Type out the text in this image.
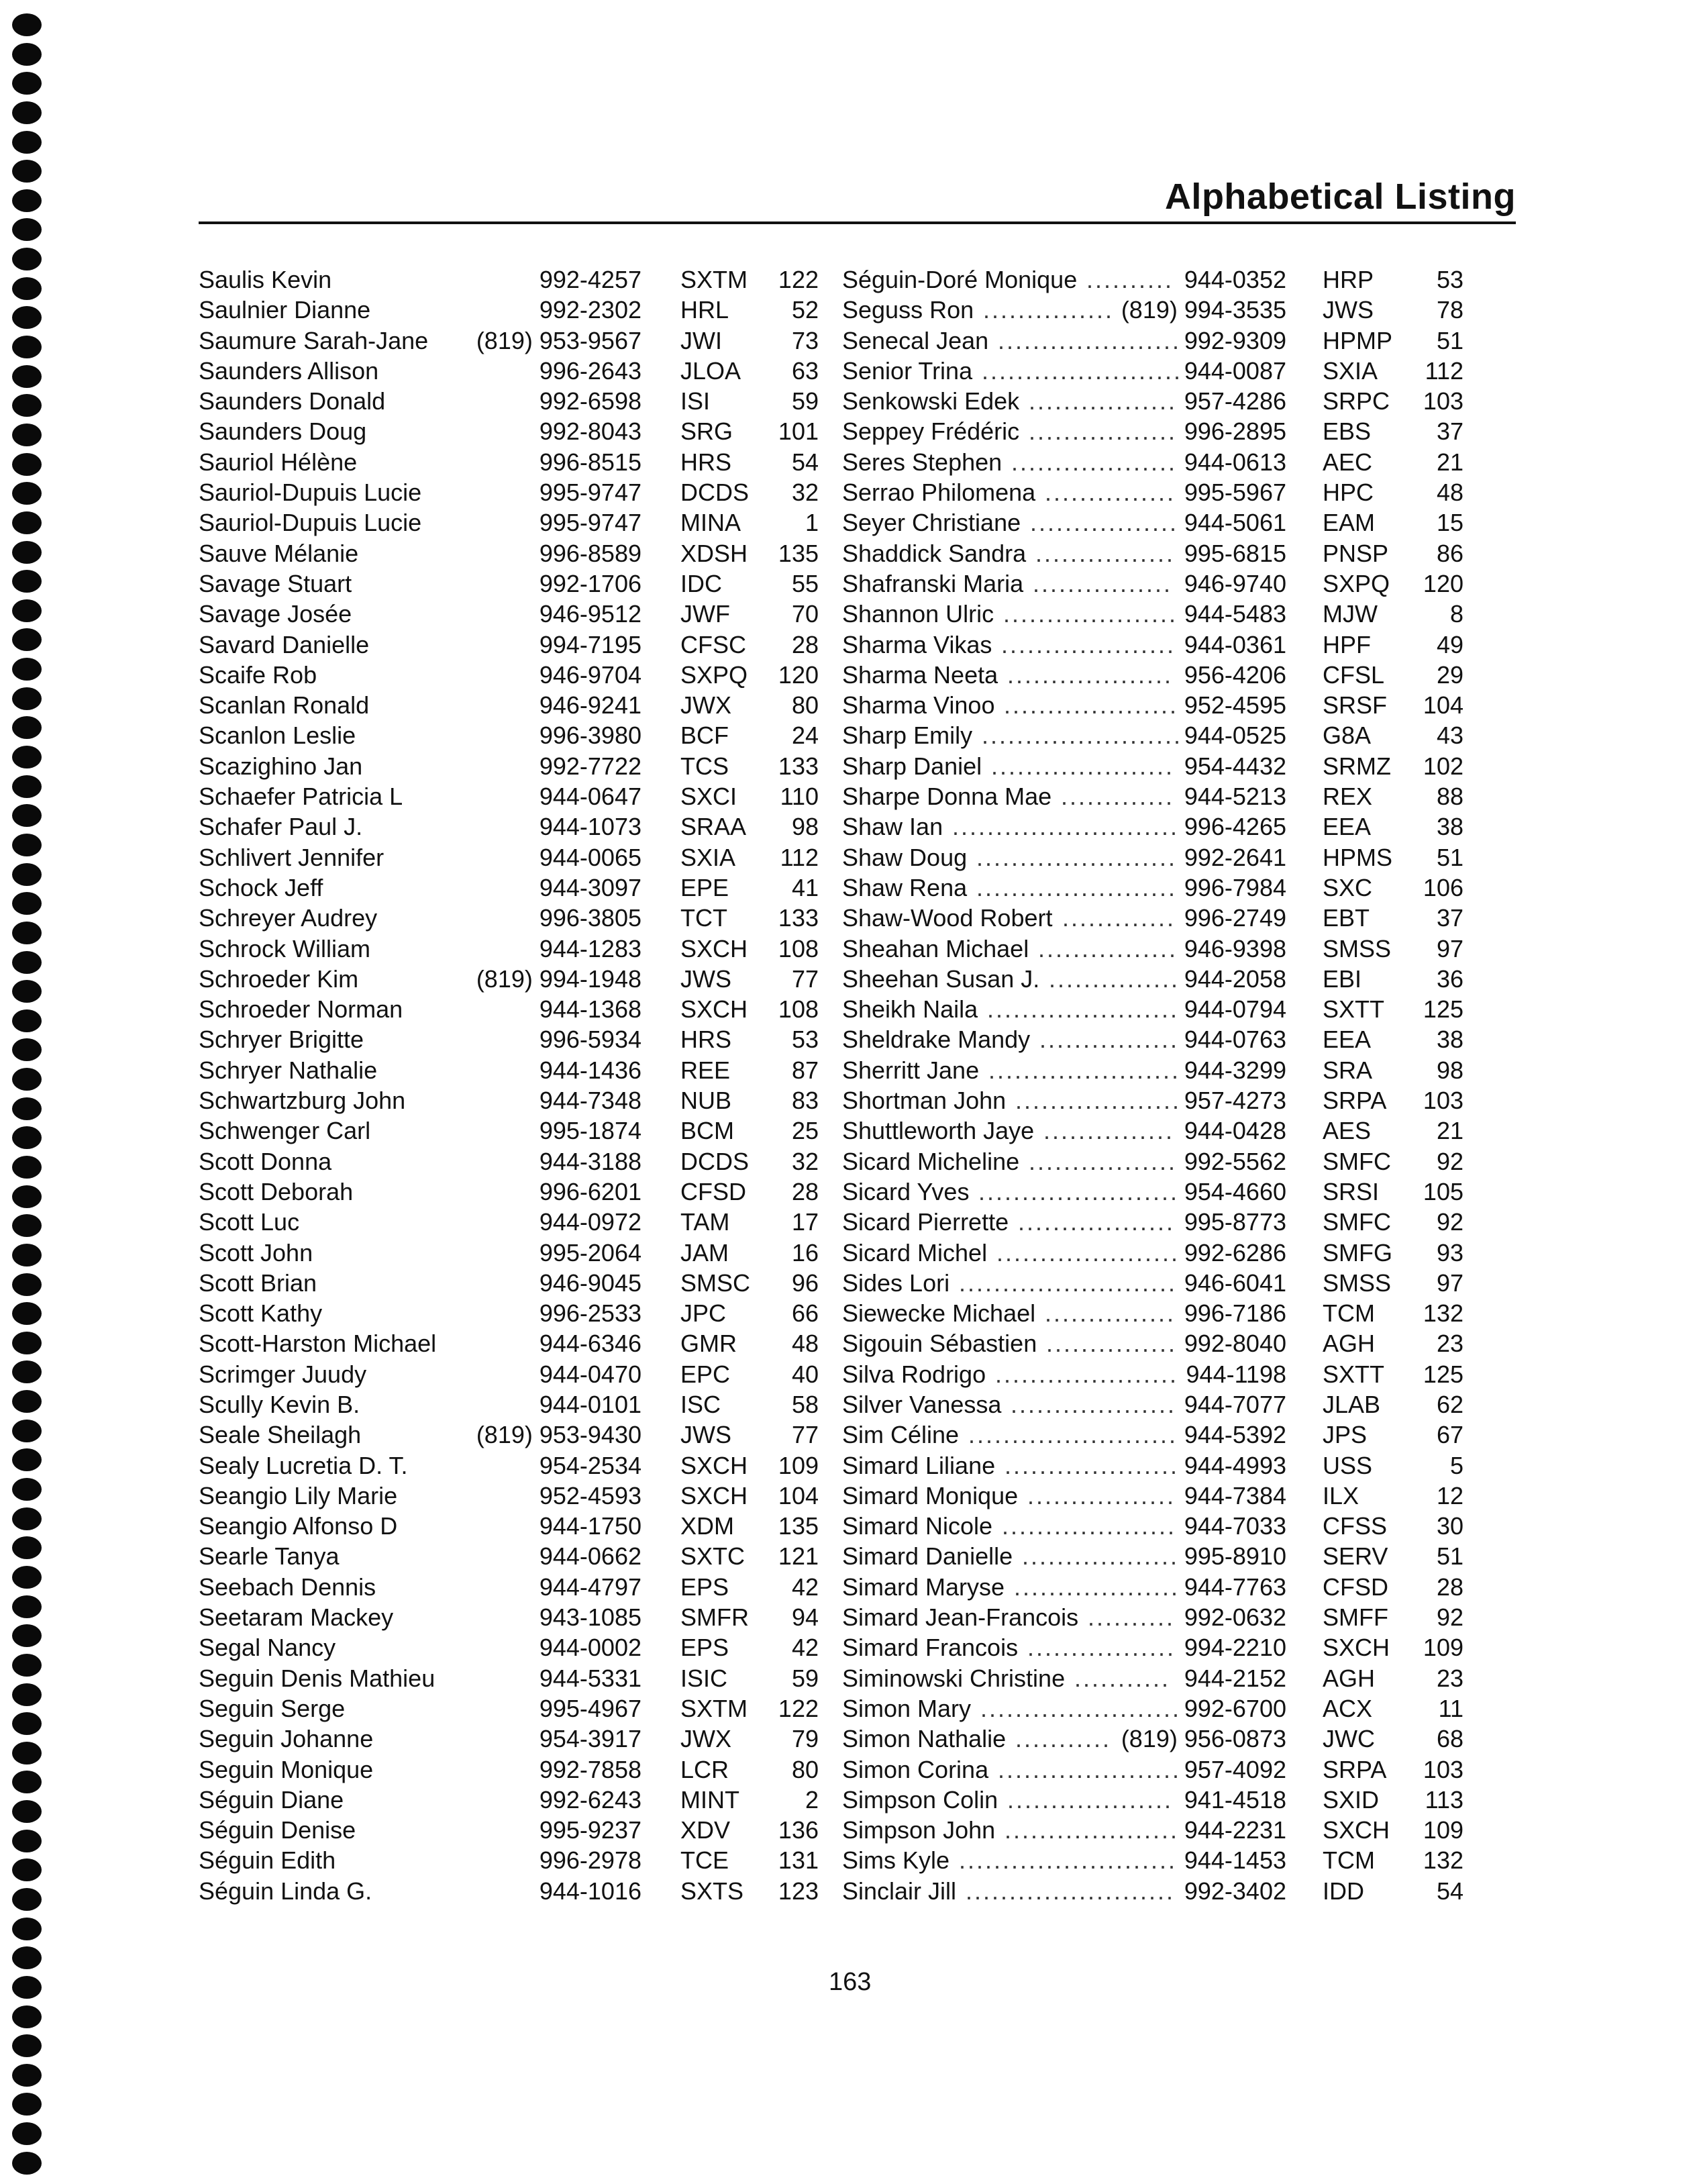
Alphabetical Listing
Saulis Kevin	992-4257 SXTM	122
Saulnier Dianne	992-2302 HRL	52
Saumure Sarah-Jane	(819) 953-9567 JWI	73
Saunders Allison	996-2643 JLOA	63
Saunders Donald	992-6598 ISI	59
Saunders Doug	992-8043 SRG	101
Sauriol Hélène	996-8515 HRS	54
Sauriol-Dupuis Lucie	995-9747 DCDS	32
Sauriol-Dupuis Lucie	995-9747 MINA	1
Sauve Mélanie	996-8589 XDSH	135
Savage Stuart	992-1706 IDC	55
Savage Josée	946-9512 JWF	70
Savard Danielle	994-7195 CFSC	28
Scaife Rob	946-9704 SXPQ	120
Scanlan Ronald	946-9241 JWX	80
Scanlon Leslie	996-3980 BCF	24
Scazighino Jan	992-7722 TCS	133
Schaefer Patricia L	944-0647 SXCI	110
Schafer Paul J.	944-1073 SRAA	98
Schlivert Jennifer	944-0065 SXIA	112
Schock Jeff	944-3097 EPE	41
Schreyer Audrey	996-3805 TCT	133
Schrock William	944-1283 SXCH	108
Schroeder Kim	(819) 994-1948 JWS	77
Schroeder Norman	944-1368 SXCH	108
Schryer Brigitte	996-5934 HRS	53
Schryer Nathalie	944-1436 REE	87
Schwartzburg John	944-7348 NUB	83
Schwenger Carl	995-1874 BCM	25
Scott Donna	944-3188 DCDS	32
Scott Deborah	996-6201 CFSD	28
Scott Luc	944-0972 TAM	17
Scott John	995-2064 JAM	16
Scott Brian	946-9045 SMSC	96
Scott Kathy	996-2533 JPC	66
Scott-Harston Michael	944-6346 GMR	48
Scrimger Juudy	944-0470 EPC	40
Scully Kevin B.	944-0101 ISC	58
Seale Sheilagh	(819) 953-9430 JWS	77
Sealy Lucretia D. T.	954-2534 SXCH	109
Seangio Lily Marie	952-4593 SXCH	104
Seangio Alfonso D	944-1750 XDM	135
Searle Tanya	944-0662 SXTC	121
Seebach Dennis	944-4797 EPS	42
Seetaram Mackey	943-1085 SMFR	94
Segal Nancy	944-0002 EPS	42
Seguin Denis Mathieu	944-5331 ISIC	59
Seguin Serge	995-4967 SXTM	122
Seguin Johanne	954-3917 JWX	79
Seguin Monique	992-7858 LCR	80
Séguin Diane	992-6243 MINT	2
Séguin Denise	995-9237 XDV	136
Séguin Edith	996-2978 TCE	131
Séguin Linda G.	944-1016 SXTS	123
Séguin-Doré Monique .......... 944-0352 HRP	53
Seguss Ron ............... (819) 994-3535 JWS	78
Senecal Jean ..................... 992-9309 HPMP	51
Senior Trina ....................... 944-0087 SXIA	112
Senkowski Edek ................. 957-4286 SRPC	103
Seppey Frédéric ................. 996-2895 EBS	37
Seres Stephen ................... 944-0613 AEC	21
Serrao Philomena ............... 995-5967 HPC	48
Seyer Christiane ................. 944-5061 EAM	15
Shaddick Sandra ................ 995-6815 PNSP	86
Shafranski Maria ................ 946-9740 SXPQ	120
Shannon Ulric .................... 944-5483 MJW	8
Sharma Vikas .................... 944-0361 HPF	49
Sharma Neeta ................... 956-4206 CFSL	29
Sharma Vinoo .................... 952-4595 SRSF	104
Sharp Emily ....................... 944-0525 G8A	43
Sharp Daniel ..................... 954-4432 SRMZ	102
Sharpe Donna Mae ............. 944-5213 REX	88
Shaw Ian .......................... 996-4265 EEA	38
Shaw Doug ....................... 992-2641 HPMS	51
Shaw Rena ....................... 996-7984 SXC	106
Shaw-Wood Robert ............. 996-2749 EBT	37
Sheahan Michael ................ 946-9398 SMSS	97
Sheehan Susan J. ............... 944-2058 EBI	36
Sheikh Naila ...................... 944-0794 SXTT	125
Sheldrake Mandy ................ 944-0763 EEA	38
Sherritt Jane ...................... 944-3299 SRA	98
Shortman John ................... 957-4273 SRPA	103
Shuttleworth Jaye ............... 944-0428 AES	21
Sicard Micheline ................. 992-5562 SMFC	92
Sicard Yves ....................... 954-4660 SRSI	105
Sicard Pierrette .................. 995-8773 SMFC	92
Sicard Michel ..................... 992-6286 SMFG	93
Sides Lori ......................... 946-6041 SMSS	97
Siewecke Michael ............... 996-7186 TCM	132
Sigouin Sébastien ............... 992-8040 AGH	23
Silva Rodrigo ..................... 944-1198 SXTT	125
Silver Vanessa ................... 944-7077 JLAB	62
Sim Céline ........................ 944-5392 JPS	67
Simard Liliane .................... 944-4993 USS	5
Simard Monique ................. 944-7384 ILX	12
Simard Nicole .................... 944-7033 CFSS	30
Simard Danielle .................. 995-8910 SERV	51
Simard Maryse ................... 944-7763 CFSD	28
Simard Jean-Francois .......... 992-0632 SMFF	92
Simard Francois ................. 994-2210 SXCH	109
Siminowski Christine ........... 944-2152 AGH	23
Simon Mary ....................... 992-6700 ACX	11
Simon Nathalie ........... (819) 956-0873 JWC	68
Simon Corina ..................... 957-4092 SRPA	103
Simpson Colin ................... 941-4518 SXID	113
Simpson John .................... 944-2231 SXCH	109
Sims Kyle ......................... 944-1453 TCM	132
Sinclair Jill ........................ 992-3402 IDD	54
163
